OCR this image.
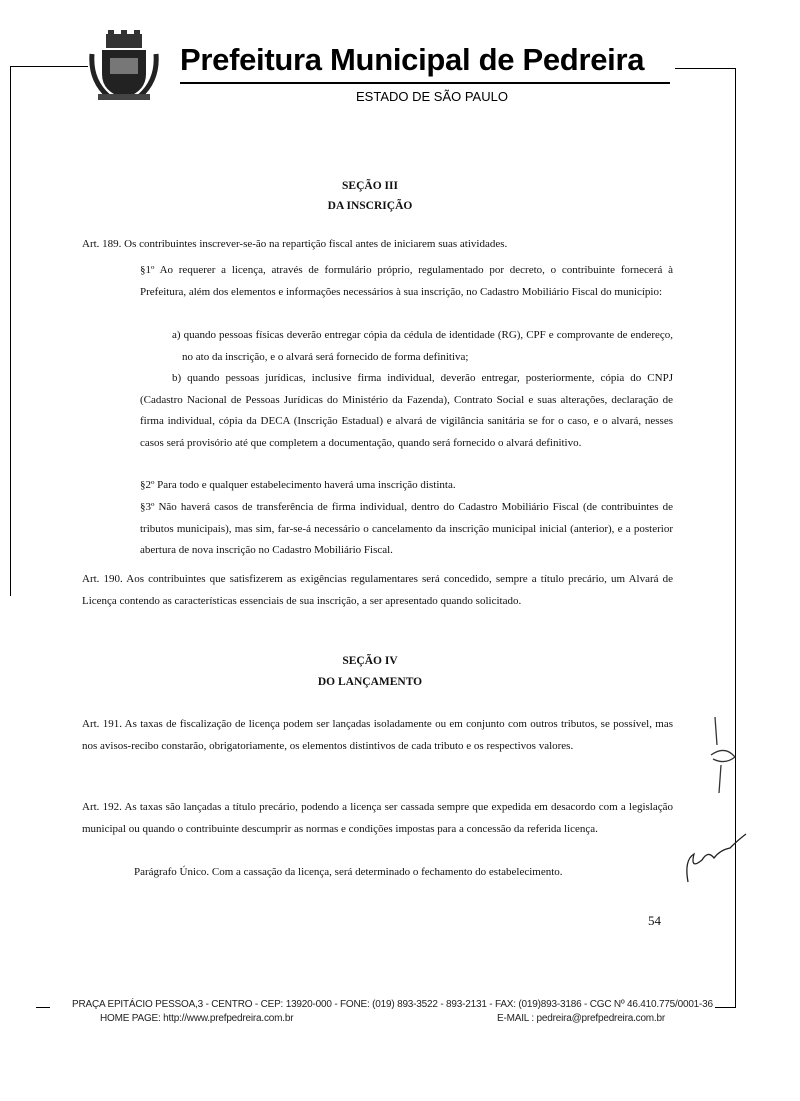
Prefeitura Municipal de Pedreira
ESTADO DE SÃO PAULO
SEÇÃO III
DA INSCRIÇÃO
Art. 189. Os contribuintes inscrever-se-ão na repartição fiscal antes de iniciarem suas atividades.
§1º Ao requerer a licença, através de formulário próprio, regulamentado por decreto, o contribuinte fornecerá à Prefeitura, além dos elementos e informações necessários à sua inscrição, no Cadastro Mobiliário Fiscal do município:
a) quando pessoas físicas deverão entregar cópia da cédula de identidade (RG), CPF e comprovante de endereço, no ato da inscrição, e o alvará será fornecido de forma definitiva;
b) quando pessoas jurídicas, inclusive firma individual, deverão entregar, posteriormente, cópia do CNPJ (Cadastro Nacional de Pessoas Jurídicas do Ministério da Fazenda), Contrato Social e suas alterações, declaração de firma individual, cópia da DECA (Inscrição Estadual) e alvará de vigilância sanitária se for o caso, e o alvará, nesses casos será provisório até que completem a documentação, quando será fornecido o alvará definitivo.
§2º Para todo e qualquer estabelecimento haverá uma inscrição distinta.
§3º Não haverá casos de transferência de firma individual, dentro do Cadastro Mobiliário Fiscal (de contribuintes de tributos municipais), mas sim, far-se-á necessário o cancelamento da inscrição municipal inicial (anterior), e a posterior abertura de nova inscrição no Cadastro Mobiliário Fiscal.
Art. 190. Aos contribuintes que satisfizerem as exigências regulamentares será concedido, sempre a título precário, um Alvará de Licença contendo as características essenciais de sua inscrição, a ser apresentado quando solicitado.
SEÇÃO IV
DO LANÇAMENTO
Art. 191. As taxas de fiscalização de licença podem ser lançadas isoladamente ou em conjunto com outros tributos, se possível, mas nos avisos-recibo constarão, obrigatoriamente, os elementos distintivos de cada tributo e os respectivos valores.
Art. 192. As taxas são lançadas a título precário, podendo a licença ser cassada sempre que expedida em desacordo com a legislação municipal ou quando o contribuinte descumprir as normas e condições impostas para a concessão da referida licença.
Parágrafo Único. Com a cassação da licença, será determinado o fechamento do estabelecimento.
54
PRAÇA EPITÁCIO PESSOA,3 - CENTRO - CEP: 13920-000 - FONE: (019) 893-3522 - 893-2131 - FAX: (019)893-3186 - CGC Nº 46.410.775/0001-36
HOME PAGE: http://www.prefpedreira.com.br	E-MAIL : pedreira@prefpedreira.com.br
